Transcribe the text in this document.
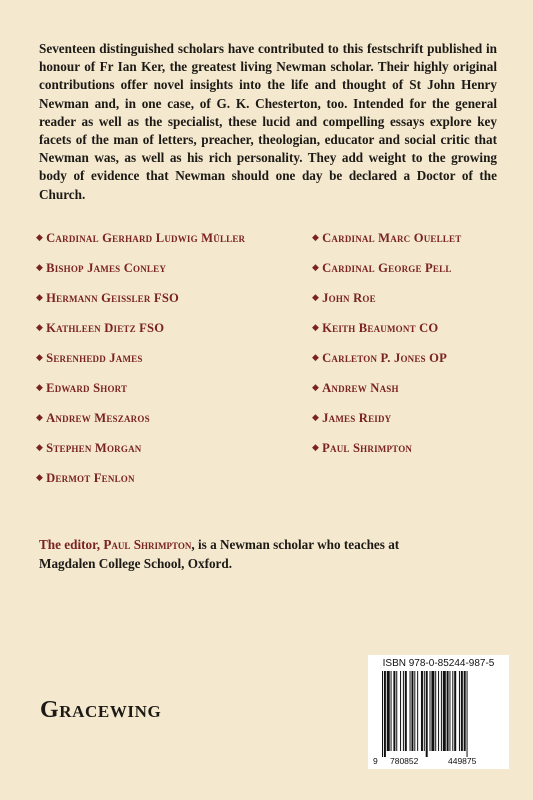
Seventeen distinguished scholars have contributed to this festschrift published in honour of Fr Ian Ker, the greatest living Newman scholar. Their highly original contributions offer novel insights into the life and thought of St John Henry Newman and, in one case, of G. K. Chesterton, too. Intended for the general reader as well as the specialist, these lucid and compelling essays explore key facets of the man of letters, preacher, theologian, educator and social critic that Newman was, as well as his rich personality. They add weight to the growing body of evidence that Newman should one day be declared a Doctor of the Church.

◆ Cardinal Gerhard Ludwig Müller
◆ Bishop James Conley
◆ Hermann Geissler FSO
◆ Kathleen Dietz FSO
◆ Serenhedd James
◆ Edward Short
◆ Andrew Meszaros
◆ Stephen Morgan
◆ Dermot Fenlon
◆ Cardinal Marc Ouellet
◆ Cardinal George Pell
◆ John Roe
◆ Keith Beaumont CO
◆ Carleton P. Jones OP
◆ Andrew Nash
◆ James Reidy
◆ Paul Shrimpton

The editor, Paul Shrimpton, is a Newman scholar who teaches at
Magdalen College School, Oxford.

Gracewing
ISBN 978-0-85244-987-5
9 780852	449875
